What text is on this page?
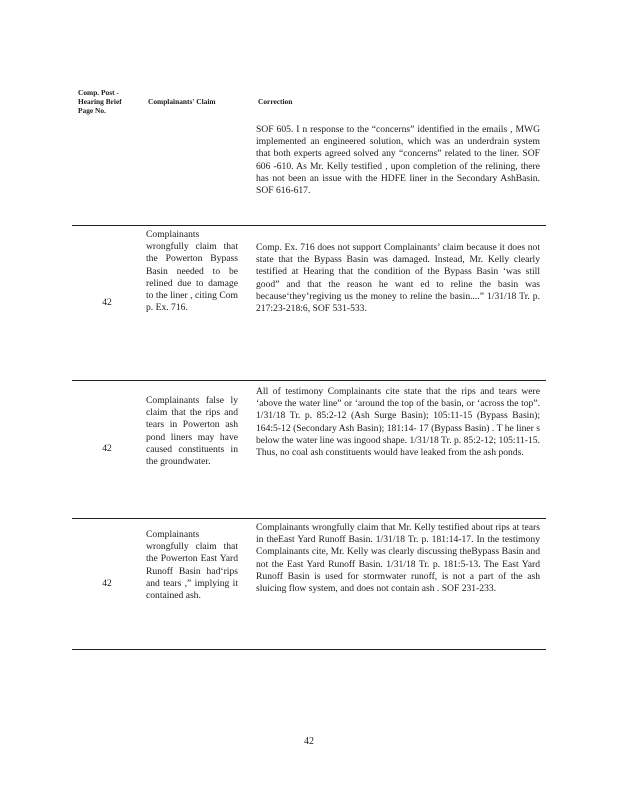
Comp. Post - Hearing Brief Page No.	Complainants' Claim	Correction
		SOF 605. I n response to the “concerns” identified in the emails , MWG implemented an engineered solution, which was an underdrain system that both experts agreed solved any “concerns” related to the liner. SOF 606 -610. As Mr. Kelly testified , upon completion of the relining, there has not been an issue with the HDFE liner in the Secondary AshBasin. SOF 616-617.
42	Complainants wrongfully claim that the Powerton Bypass Basin needed to be relined due to damage to the liner , citing Com p. Ex. 716.	Comp. Ex. 716 does not support Complainants’ claim because it does not state that the Bypass Basin was damaged. Instead, Mr. Kelly clearly testified at Hearing that the condition of the Bypass Basin ‘was still good” and that the reason he want ed to reline the basin was because‘they’regiving us the money to reline the basin....” 1/31/18 Tr. p. 217:23-218:6, SOF 531-533.
42	Complainants false ly claim that the rips and tears in Powerton ash pond liners may have caused constituents in the groundwater.	All of testimony Complainants cite state that the rips and tears were ‘above the water line” or ‘around the top of the basin, or ‘across the top”. 1/31/18 Tr. p. 85:2-12 (Ash Surge Basin); 105:11-15 (Bypass Basin); 164:5-12 (Secondary Ash Basin); 181:14- 17 (Bypass Basin) . T he liner s below the water line was ingood shape. 1/31/18 Tr. p. 85:2-12; 105:11-15. Thus, no coal ash constituents would have leaked from the ash ponds.
42	Complainants wrongfully claim that the Powerton East Yard Runoff Basin had‘rips and tears ,” implying it contained ash.	Complainants wrongfully claim that Mr. Kelly testified about rips at tears in theEast Yard Runoff Basin. 1/31/18 Tr. p. 181:14-17. In the testimony Complainants cite, Mr. Kelly was clearly discussing theBypass Basin and not the East Yard Runoff Basin. 1/31/18 Tr. p. 181:5-13. The East Yard Runoff Basin is used for stormwater runoff, is not a part of the ash sluicing flow system, and does not contain ash . SOF 231-233.
42
